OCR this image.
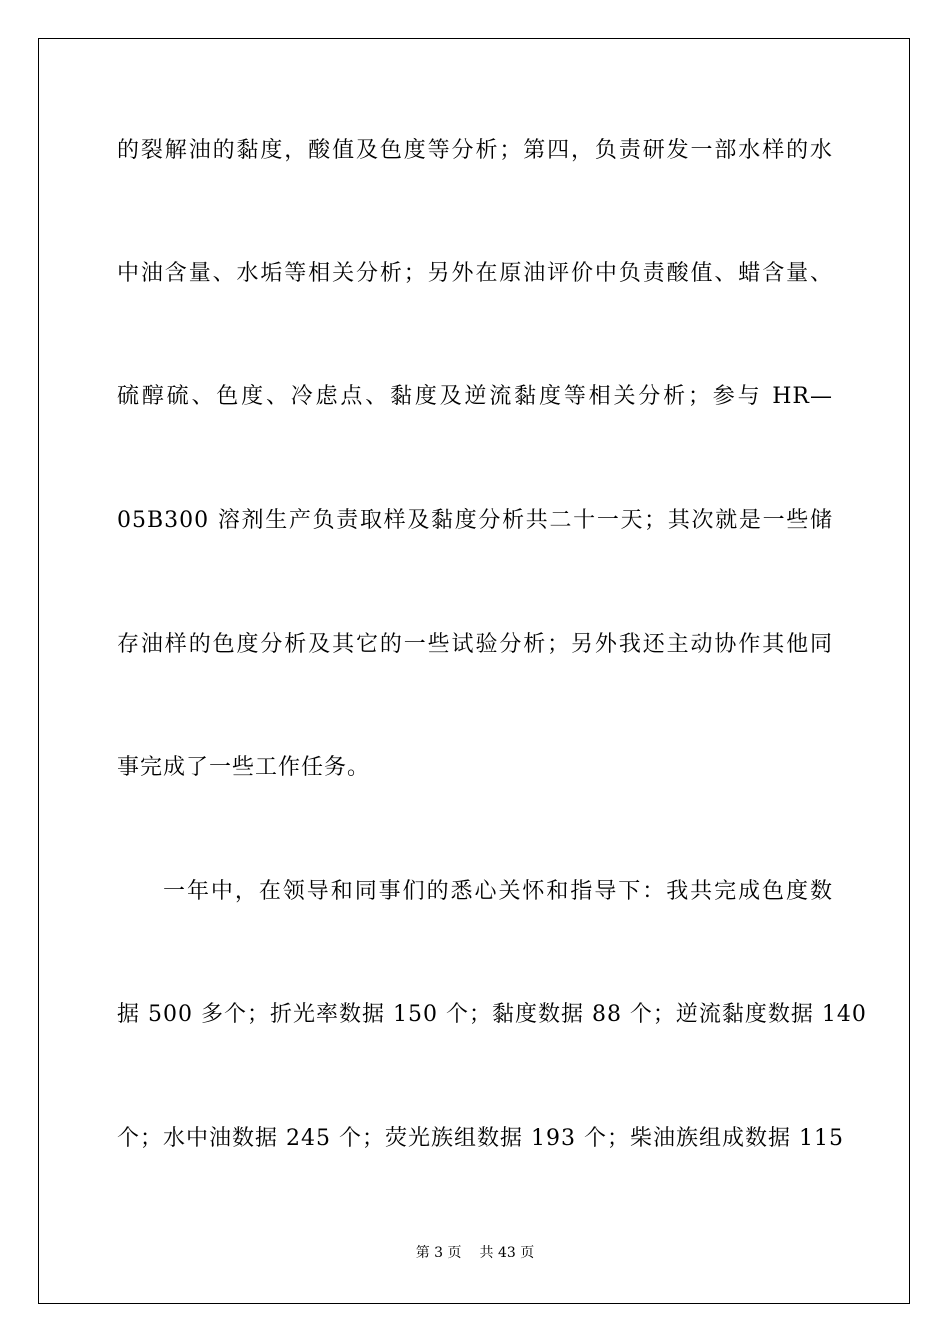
的裂解油的黏度，酸值及色度等分析；第四，负责研发一部水样的水
中油含量、水垢等相关分析；另外在原油评价中负责酸值、蜡含量、
硫醇硫、色度、冷虑点、黏度及逆流黏度等相关分析；参与 HR—
05B300 溶剂生产负责取样及黏度分析共二十一天；其次就是一些储
存油样的色度分析及其它的一些试验分析；另外我还主动协作其他同
事完成了一些工作任务。
一年中，在领导和同事们的悉心关怀和指导下：我共完成色度数
据 500 多个；折光率数据 150 个；黏度数据 88 个；逆流黏度数据 140
个；水中油数据 245 个；荧光族组数据 193 个；柴油族组成数据 115
第 3 页 共 43 页
